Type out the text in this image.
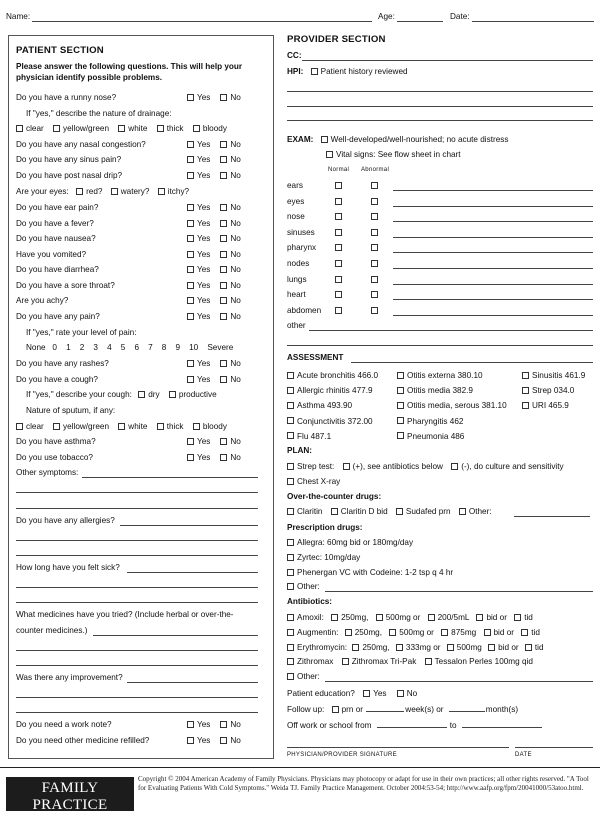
Name:	Age:	Date:
PATIENT SECTION
Please answer the following questions. This will help your physician identify possible problems.
Do you have a runny nose?	Yes No
If "yes," describe the nature of drainage:
clear yellow/green white thick bloody
Do you have any nasal congestion?	Yes No
Do you have any sinus pain?	Yes No
Do you have post nasal drip?	Yes No
Are your eyes: red? watery? itchy?
Do you have ear pain?	Yes No
Do you have a fever?	Yes No
Do you have nausea?	Yes No
Have you vomited?	Yes No
Do you have diarrhea?	Yes No
Do you have a sore throat?	Yes No
Are you achy?	Yes No
Do you have any pain?	Yes No
If "yes," rate your level of pain:
None 0 1 2 3 4 5 6 7 8 9 10 Severe
Do you have any rashes?	Yes No
Do you have a cough?	Yes No
If "yes," describe your cough: dry productive
Nature of sputum, if any:
clear yellow/green white thick bloody
Do you have asthma?	Yes No
Do you use tobacco?	Yes No
Other symptoms:
Do you have any allergies?
How long have you felt sick?
What medicines have you tried? (Include herbal or over-the-
counter medicines.)
Was there any improvement?
Do you need a work note?	Yes No
Do you need other medicine refilled?	Yes No
PROVIDER SECTION
CC:
HPI: Patient history reviewed
EXAM: Well-developed/well-nourished; no acute distress
Vital signs: See flow sheet in chart
Normal Abnormal
ears
eyes
nose
sinuses
pharynx
nodes
lungs
heart
abdomen
other
ASSESSMENT
Acute bronchitis 466.0
Allergic rhinitis 477.9
Asthma 493.90
Conjunctivitis 372.00
Flu 487.1
Otitis externa 380.10
Otitis media 382.9
Otitis media, serous 381.10
Pharyngitis 462
Pneumonia 486
Sinusitis 461.9
Strep 034.0
URI 465.9
PLAN:
Strep test: (+), see antibiotics below (-), do culture and sensitivity
Chest X-ray
Over-the-counter drugs:
Claritin Claritin D bid Sudafed prn Other:
Prescription drugs:
Allegra: 60mg bid or 180mg/day
Zyrtec: 10mg/day
Phenergan VC with Codeine: 1-2 tsp q 4 hr
Other:
Antibiotics:
Amoxil: 250mg, 500mg or 200/5mL bid or tid
Augmentin: 250mg, 500mg or 875mg bid or tid
Erythromycin: 250mg, 333mg or 500mg bid or tid
Zithromax Zithromax Tri-Pak Tessalon Perles 100mg qid
Other:
Patient education? Yes No
Follow up: prn or	week(s) or	month(s)
Off work or school from	to
PHYSICIAN/PROVIDER SIGNATURE	DATE
FAMILY PRACTICE
MANAGEMENT®
Copyright © 2004 American Academy of Family Physicians. Physicians may photocopy or adapt for use in their own practices; all other rights reserved. "A Tool for Evaluating Patients With Cold Symptoms." Weida TJ. Family Practice Management. October 2004:53-54; http://www.aafp.org/fpm/20041000/53atoo.html.
